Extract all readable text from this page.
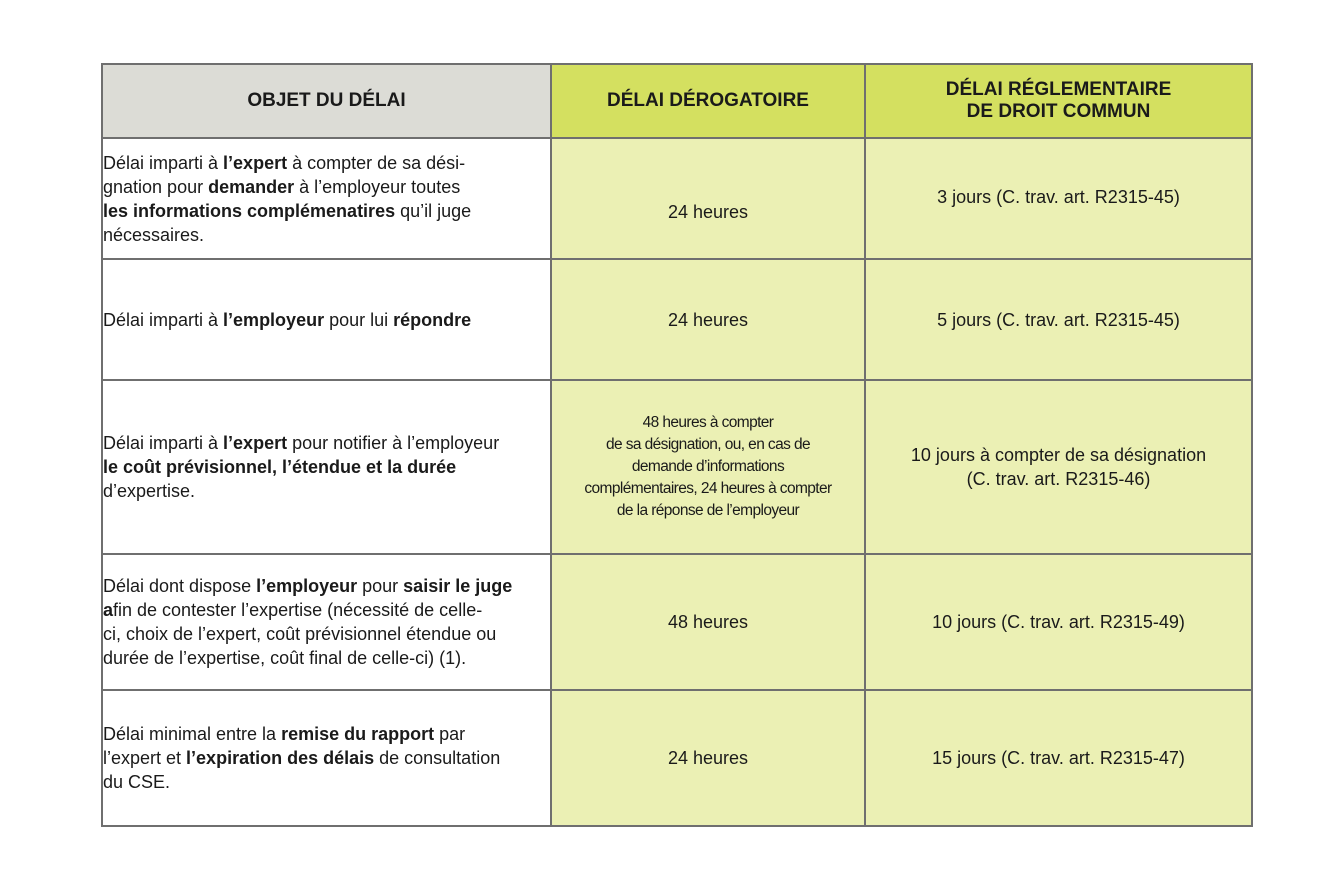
OBJET DU DÉLAI	DÉLAI DÉROGATOIRE	DÉLAI RÉGLEMENTAIRE
DE DROIT COMMUN
Délai imparti à l’expert à compter de sa dési-
gnation pour demander à l’employeur toutes
les informations complémenatires qu’il juge
nécessaires.	24 heures	3 jours (C. trav. art. R2315-45)
Délai imparti à l’employeur pour lui répondre	24 heures	5 jours (C. trav. art. R2315-45)
Délai imparti à l’expert pour notifier à l’employeur
le coût prévisionnel, l’étendue et la durée
d’expertise.	48 heures à compter
de sa désignation, ou, en cas de
demande d’informations
complémentaires, 24 heures à compter
de la réponse de l’employeur	10 jours à compter de sa désignation
(C. trav. art. R2315-46)
Délai dont dispose l’employeur pour saisir le juge
afin de contester l’expertise (nécessité de celle-
ci, choix de l’expert, coût prévisionnel étendue ou
durée de l’expertise, coût final de celle-ci) (1).	48 heures	10 jours (C. trav. art. R2315-49)
Délai minimal entre la remise du rapport par
l’expert et l’expiration des délais de consultation
du CSE.	24 heures	15 jours (C. trav. art. R2315-47)
